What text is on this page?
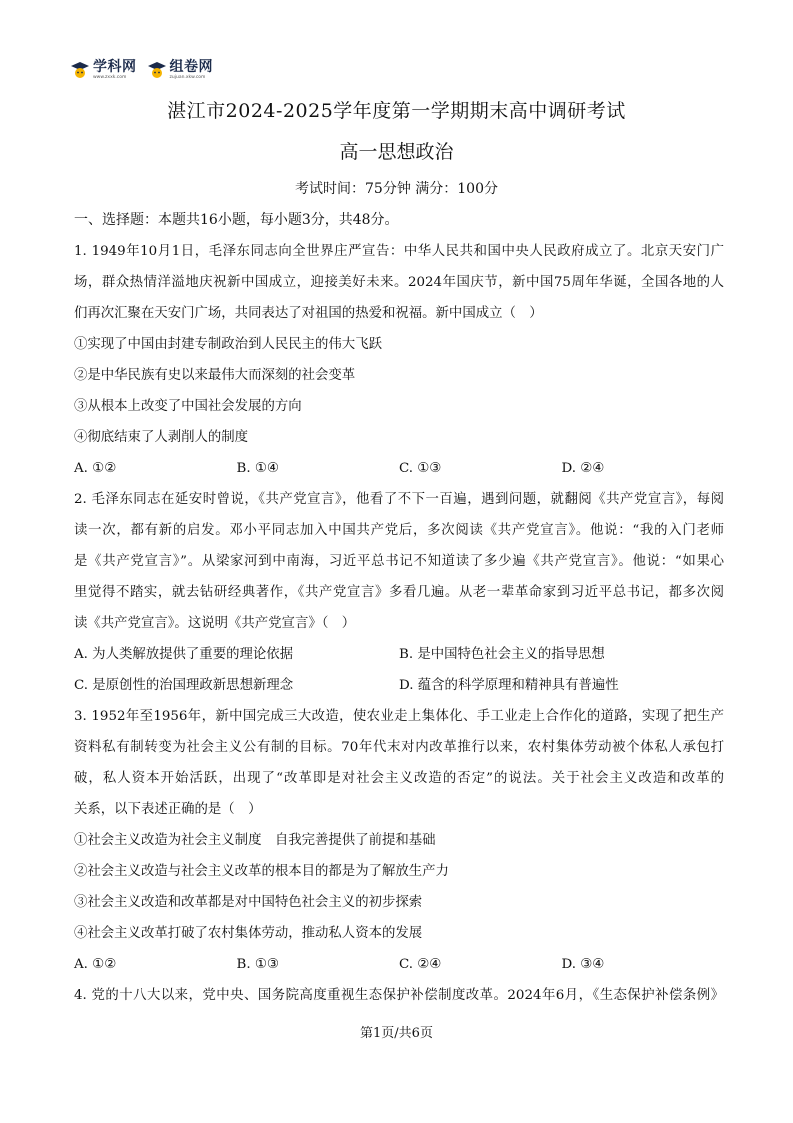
学科网
www.zxxk.com
组卷网
zujuan.xkw.com
湛江市2024-2025学年度第一学期期末高中调研考试
高一思想政治
考试时间：75分钟 满分：100分
一、选择题：本题共16小题，每小题3分，共48分。
1. 1949年10月1日，毛泽东同志向全世界庄严宣告：中华人民共和国中央人民政府成立了。北京天安门广
场，群众热情洋溢地庆祝新中国成立，迎接美好未来。2024年国庆节，新中国75周年华诞，全国各地的人
们再次汇聚在天安门广场，共同表达了对祖国的热爱和祝福。新中国成立（　）
①实现了中国由封建专制政治到人民民主的伟大飞跃
②是中华民族有史以来最伟大而深刻的社会变革
③从根本上改变了中国社会发展的方向
④彻底结束了人剥削人的制度
A. ①②	B. ①④	C. ①③	D. ②④
2. 毛泽东同志在延安时曾说，《共产党宣言》，他看了不下一百遍，遇到问题，就翻阅《共产党宣言》，每阅
读一次，都有新的启发。邓小平同志加入中国共产党后，多次阅读《共产党宣言》。他说：“我的入门老师
是《共产党宣言》”。从梁家河到中南海，习近平总书记不知道读了多少遍《共产党宣言》。他说：“如果心
里觉得不踏实，就去钻研经典著作，《共产党宣言》多看几遍。从老一辈革命家到习近平总书记，都多次阅
读《共产党宣言》。这说明《共产党宣言》（　）
A. 为人类解放提供了重要的理论依据	B. 是中国特色社会主义的指导思想
C. 是原创性的治国理政新思想新理念	D. 蕴含的科学原理和精神具有普遍性
3. 1952年至1956年，新中国完成三大改造，使农业走上集体化、手工业走上合作化的道路，实现了把生产
资料私有制转变为社会主义公有制的目标。70年代末对内改革推行以来，农村集体劳动被个体私人承包打
破，私人资本开始活跃，出现了“改革即是对社会主义改造的否定”的说法。关于社会主义改造和改革的
关系，以下表述正确的是（　）
①社会主义改造为社会主义制度　自我完善提供了前提和基础
②社会主义改造与社会主义改革的根本目的都是为了解放生产力
③社会主义改造和改革都是对中国特色社会主义的初步探索
④社会主义改革打破了农村集体劳动，推动私人资本的发展
A. ①②	B. ①③	C. ②④	D. ③④
4. 党的十八大以来，党中央、国务院高度重视生态保护补偿制度改革。2024年6月，《生态保护补偿条例》
第1页/共6页
